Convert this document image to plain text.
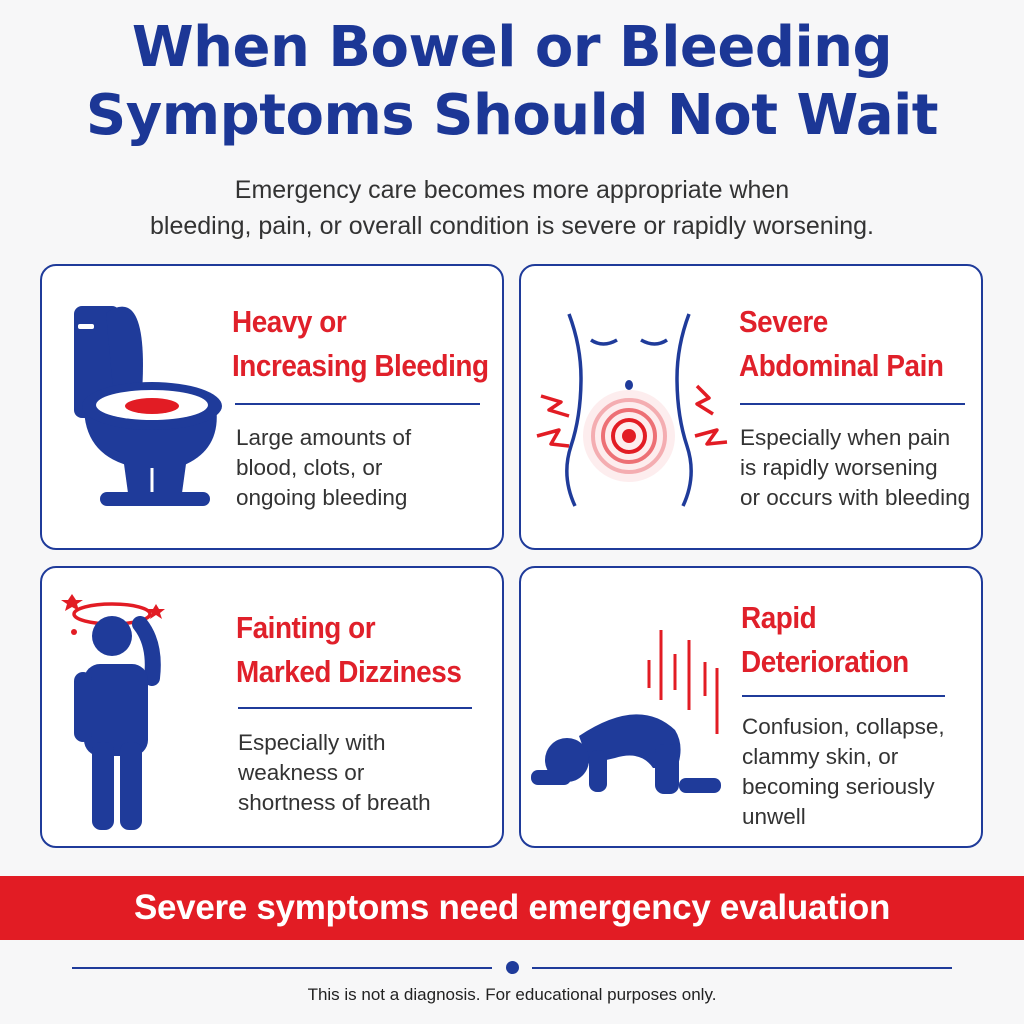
When Bowel or Bleeding
Symptoms Should Not Wait
Emergency care becomes more appropriate when
bleeding, pain, or overall condition is severe or rapidly worsening.
Heavy or
Increasing Bleeding
Large amounts of
blood, clots, or
ongoing bleeding
Severe
Abdominal Pain
Especially when pain
is rapidly worsening
or occurs with bleeding
Fainting or
Marked Dizziness
Especially with
weakness or
shortness of breath
Rapid
Deterioration
Confusion, collapse,
clammy skin, or
becoming seriously
unwell
Severe symptoms need emergency evaluation
This is not a diagnosis. For educational purposes only.
